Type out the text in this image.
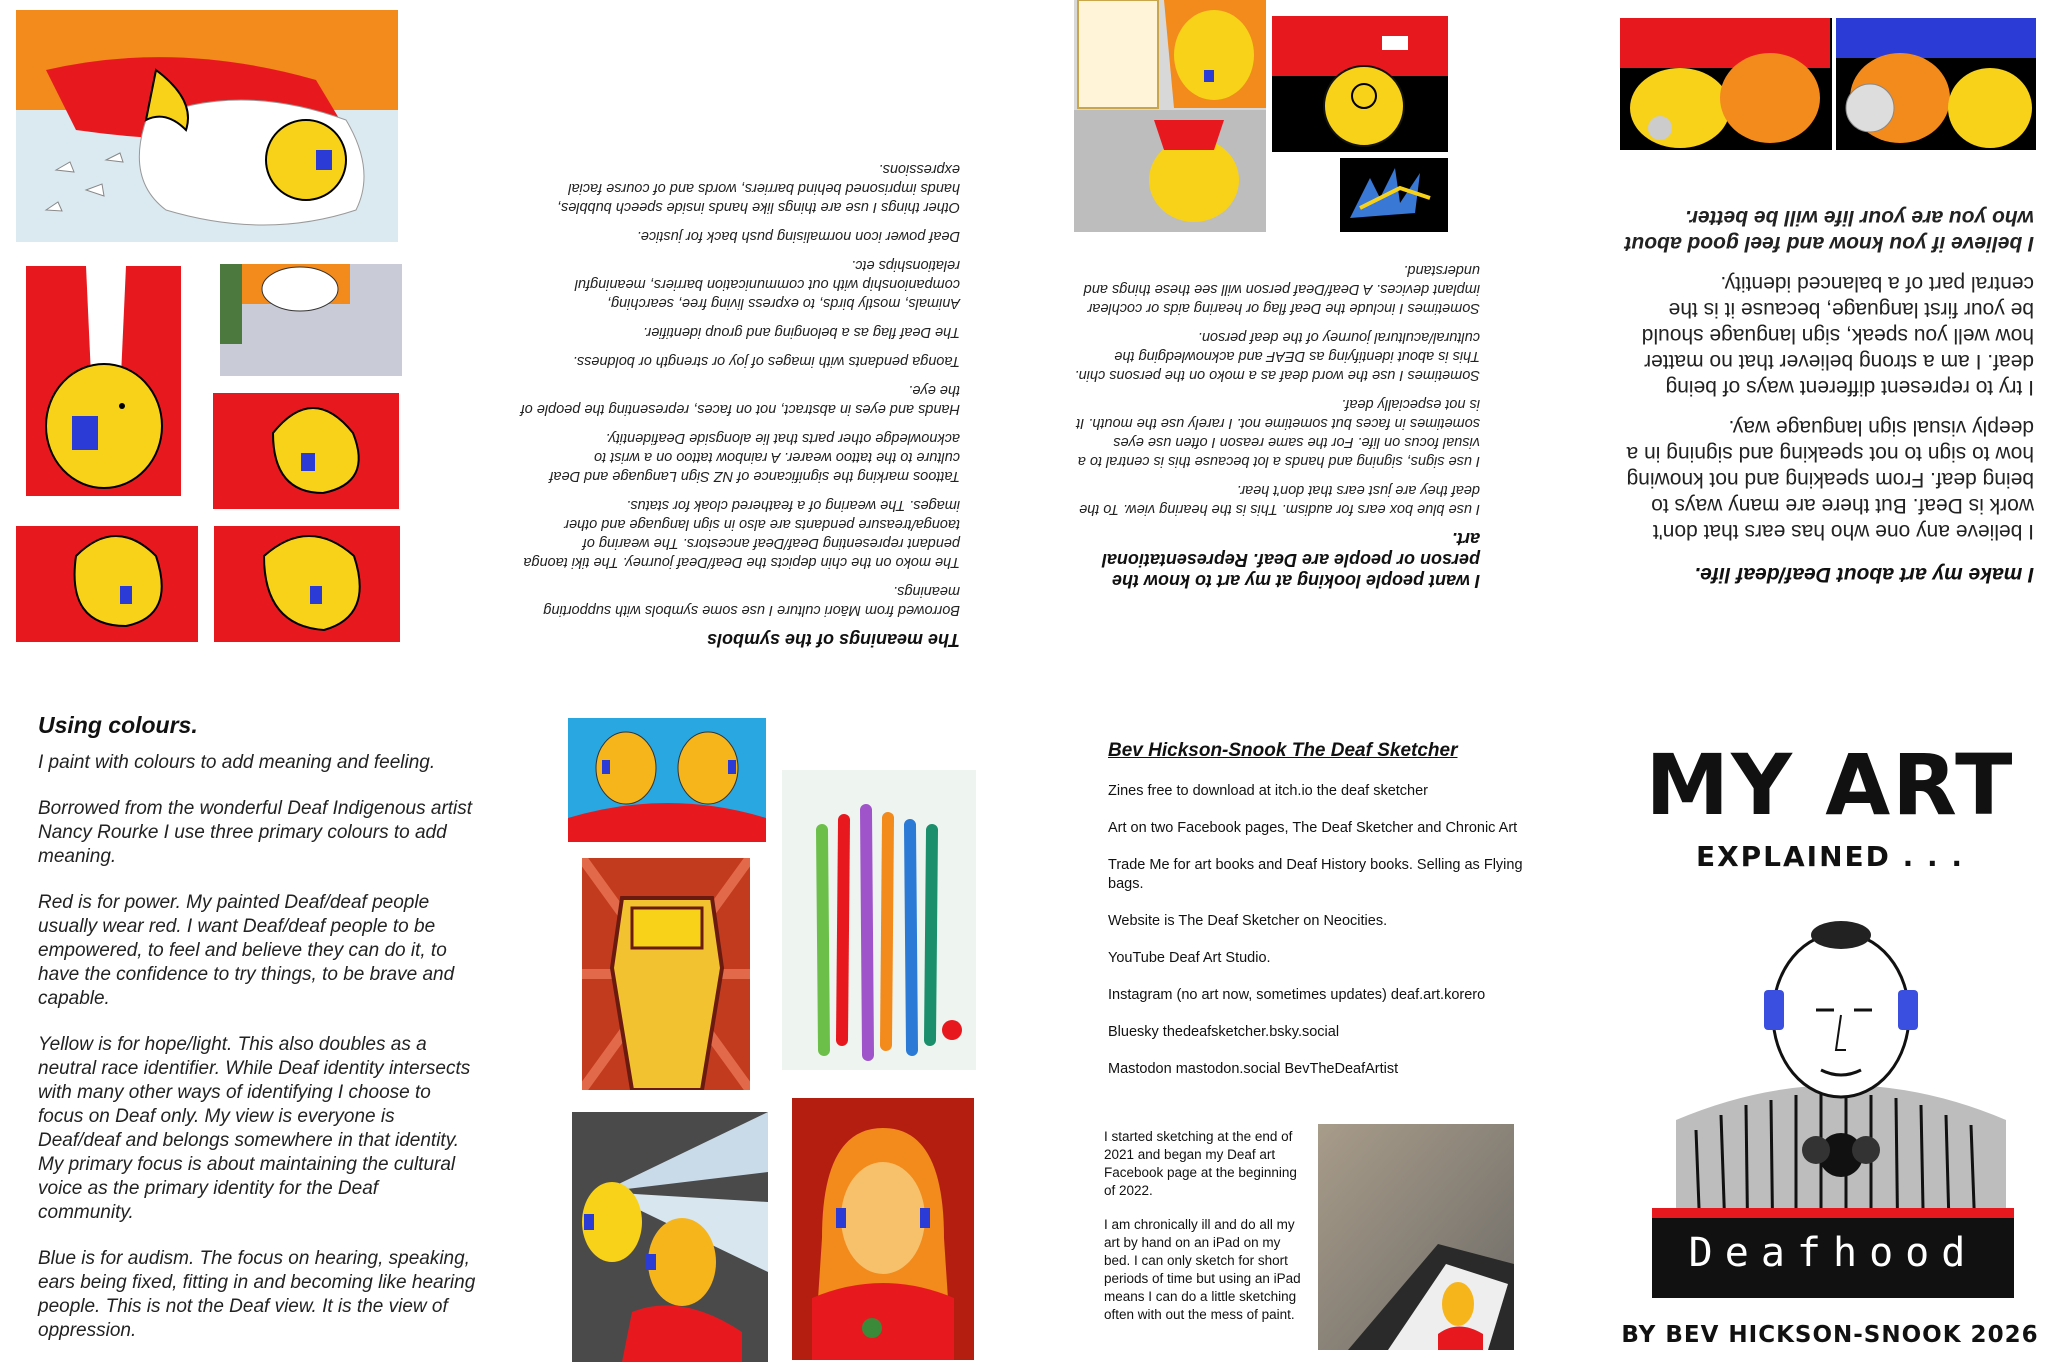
The meanings of the symbols

Borrowed from Māori culture I use some symbols with supporting meanings.

The moko on the chin depicts the Deaf/Deaf journey. The tiki taonga pendant representing Deaf/Deaf ancestors. The wearing of taonga/treasure pendants are also in sign language and other images. The wearing of a feathered cloak for status.

Tattoos marking the significance of NZ Sign Language and Deaf culture to the tattoo wearer. A rainbow tattoo on a wrist to acknowledge other parts that lie alongside Deafidentity.

Hands and eyes in abstract, not on faces, representing the people of the eye.

Taonga pendants with images of joy or strength or boldness.

The Deaf flag as a belonging and group identifier.

Animals, mostly birds, to express living free, searching, companionship with out communication barriers, meaningful relationships etc.

Deaf power icon normalising push back for justice.

Other things I use are things like hands inside speech bubbles, hands imprisoned behind barriers, words and of course facial expressions.

I want people looking at my art to know the person or people are Deaf. Representational art.

I use blue box ears for audism. This is the hearing view. To the deaf they are just ears that don't hear.

I use signs, signing and hands a lot because this is central to a visual focus on life. For the same reason I often use eyes sometimes in faces but sometime not. I rarely use the mouth. It is not especially deaf.

Sometimes I use the word deaf as a moko on the persons chin. This is about identifying as DEAF and acknowledging the cultural/acultural journey of the deaf person.

Sometimes I include the Deaf flag or hearing aids or cochlear implant devices. A Deaf/Deaf person will see these things and understand.

I make my art about Deaf/deaf life.

I believe any one who has ears that don't work is Deaf. But there are many ways to being deaf. From speaking and not knowing how to sign to not speaking and signing in a deeply visual sign language way.

I try to represent different ways of being deaf. I am a strong believer that no matter how well you speak, sign language should be your first language, because it is the central part of a balanced identity.

I believe if you know and feel good about who you are your life will be better.

Using colours.

I paint with colours to add meaning and feeling.

Borrowed from the wonderful Deaf Indigenous artist Nancy Rourke I use three primary colours to add meaning.

Red is for power. My painted Deaf/deaf people usually wear red. I want Deaf/deaf people to be empowered, to feel and believe they can do it, to have the confidence to try things, to be brave and capable.

Yellow is for hope/light. This also doubles as a neutral race identifier. While Deaf identity intersects with many other ways of identifying I choose to focus on Deaf only. My view is everyone is Deaf/deaf and belongs somewhere in that identity. My primary focus is about maintaining the cultural voice as the primary identity for the Deaf community.

Blue is for audism. The focus on hearing, speaking, ears being fixed, fitting in and becoming like hearing people. This is not the Deaf view. It is the view of oppression.

Bev Hickson-Snook The Deaf Sketcher

Zines free to download at itch.io the deaf sketcher

Art on two Facebook pages, The Deaf Sketcher and Chronic Art

Trade Me for art books and Deaf History books. Selling as Flying bags.

Website is The Deaf Sketcher on Neocities.

YouTube Deaf Art Studio.

Instagram (no art now, sometimes updates) deaf.art.korero

Bluesky thedeafsketcher.bsky.social

Mastodon mastodon.social BevTheDeafArtist

I started sketching at the end of 2021 and began my Deaf art Facebook page at the beginning of 2022.

I am chronically ill and do all my art by hand on an iPad on my bed. I can only sketch for short periods of time but using an iPad means I can do a little sketching often with out the mess of paint.

MY ART
EXPLAINED . . .
Deafhood
BY BEV HICKSON-SNOOK 2026
